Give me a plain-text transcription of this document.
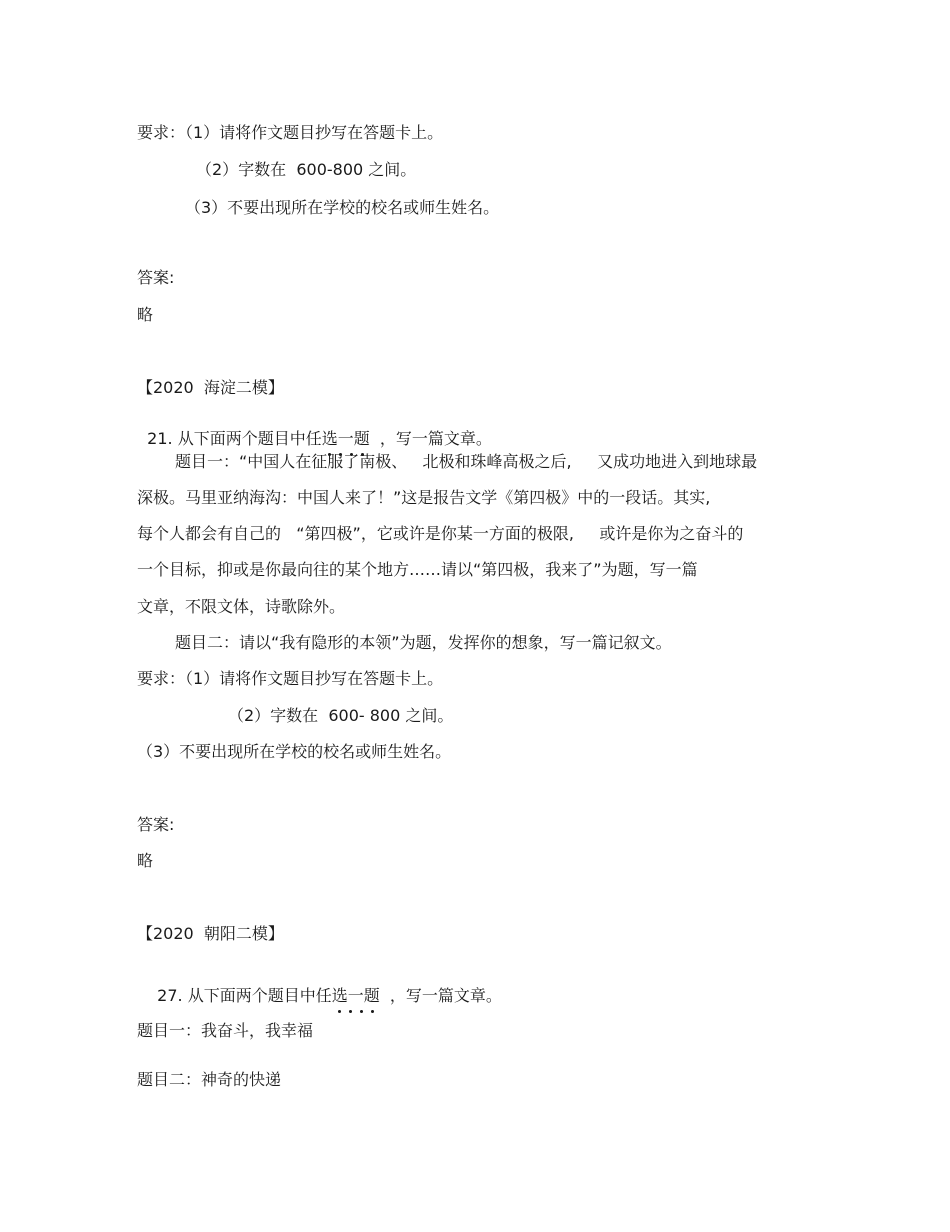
要求：（1）请将作文题目抄写在答题卡上。
（2）字数在  600-800 之间。
（3）不要出现所在学校的校名或师生姓名。
答案:
略
【2020  海淀二模】

21. 从下面两个题目中任选一题
，写一篇文章。

题目一：“中国人在征服了南极、   北极和珠峰高极之后,     又成功地进入到地球最
深极。马里亚纳海沟：中国人来了！”这是报告文学《第四极》中的一段话。其实,
每个人都会有自己的   “第四极”，它或许是你某一方面的极限,     或许是你为之奋斗的
一个目标，抑或是你最向往的某个地方……请以“第四极，我来了”为题，写一篇
文章，不限文体，诗歌除外。
题目二：请以“我有隐形的本领”为题，发挥你的想象，写一篇记叙文。
要求：（1）请将作文题目抄写在答题卡上。
（2）字数在  600- 800 之间。
（3）不要出现所在学校的校名或师生姓名。
答案:
略
【2020  朝阳二模】

27. 从下面两个题目中任选一题
，写一篇文章。

题目一：我奋斗，我幸福
题目二：神奇的快递
